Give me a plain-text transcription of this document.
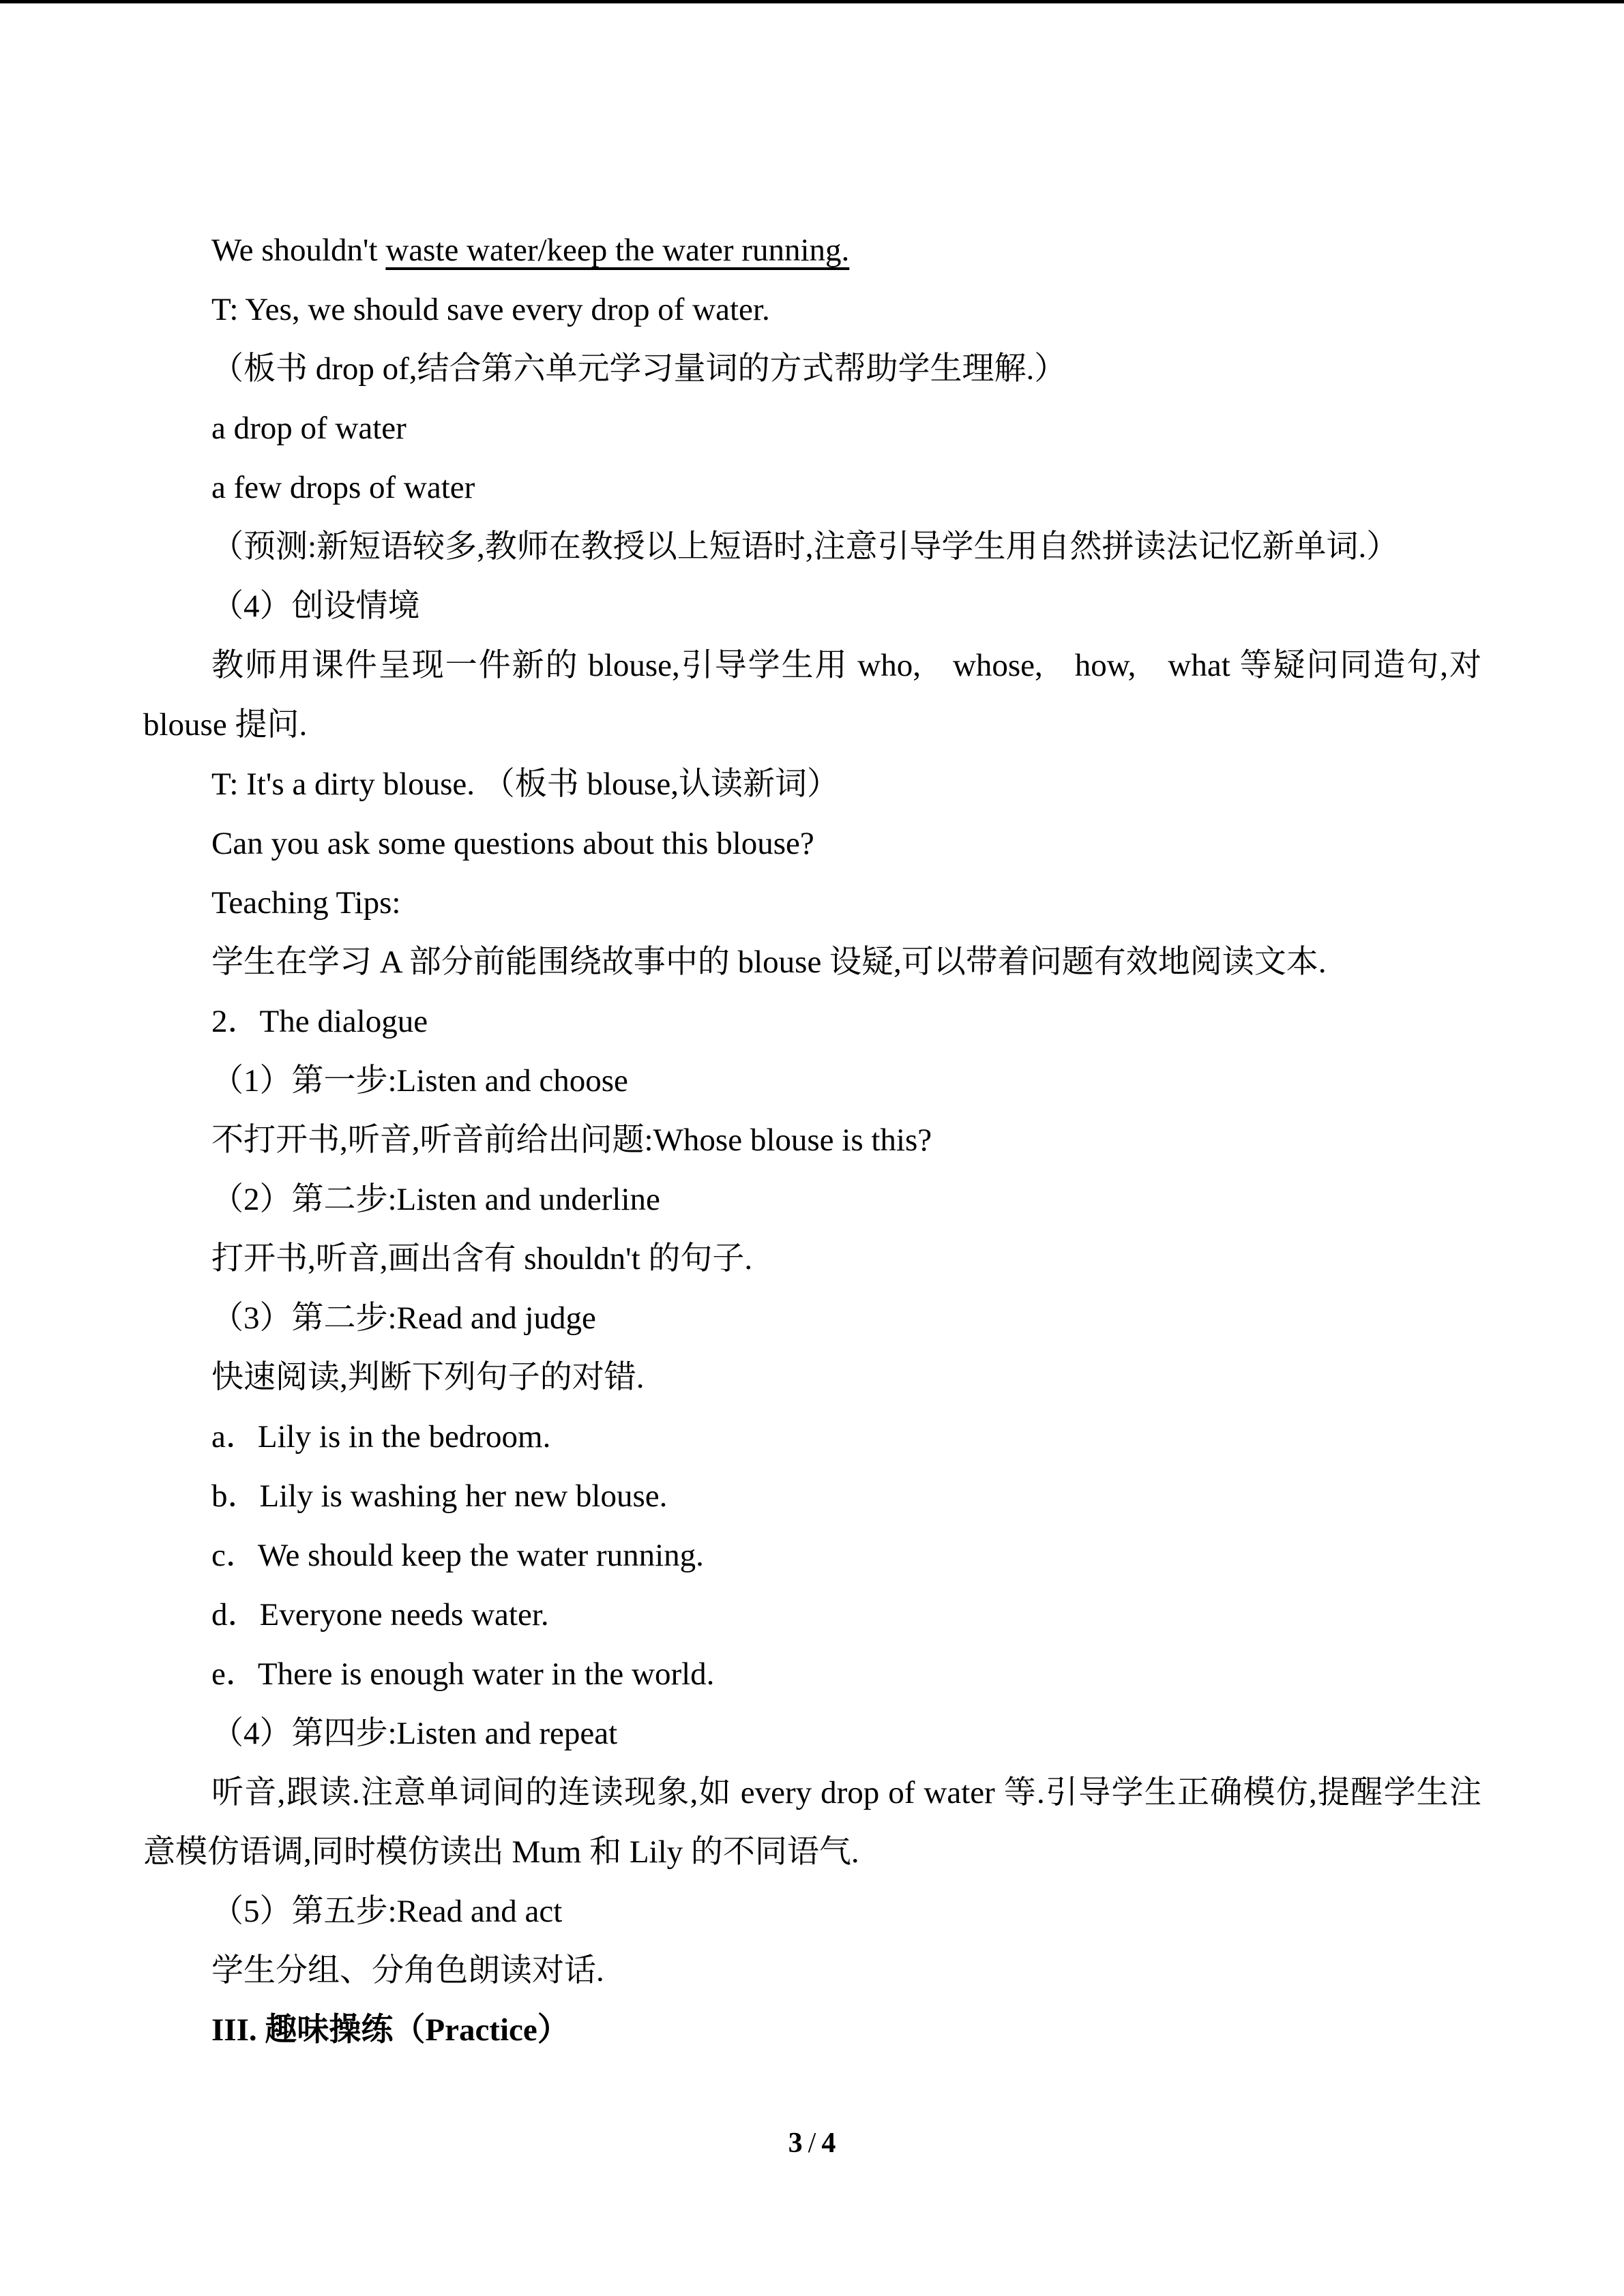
We shouldn't waste water/keep the water running.
T: Yes, we should save every drop of water.
（板书 drop of,结合第六单元学习量词的方式帮助学生理解.）
a drop of water
a few drops of water
（预测:新短语较多,教师在教授以上短语时,注意引导学生用自然拼读法记忆新单词.）
（4）创设情境
教师用课件呈现一件新的 blouse,引导学生用 who, whose, how, what 等疑问同造句,对
blouse 提问.
T: It's a dirty blouse. （板书 blouse,认读新词）
Can you ask some questions about this blouse?
Teaching Tips:
学生在学习 A 部分前能围绕故事中的 blouse 设疑,可以带着问题有效地阅读文本.
2．The dialogue
（1）第一步:Listen and choose
不打开书,听音,听音前给出问题:Whose blouse is this?
（2）第二步:Listen and underline
打开书,听音,画出含有 shouldn't 的句子.
（3）第二步:Read and judge
快速阅读,判断下列句子的对错.
a．Lily is in the bedroom.
b．Lily is washing her new blouse.
c．We should keep the water running.
d．Everyone needs water.
e．There is enough water in the world.
（4）第四步:Listen and repeat
听音,跟读.注意单词间的连读现象,如 every drop of water 等.引导学生正确模仿,提醒学生注
意模仿语调,同时模仿读出 Mum 和 Lily 的不同语气.
（5）第五步:Read and act
学生分组、分角色朗读对话.
III. 趣味操练（Practice）
3 / 4
